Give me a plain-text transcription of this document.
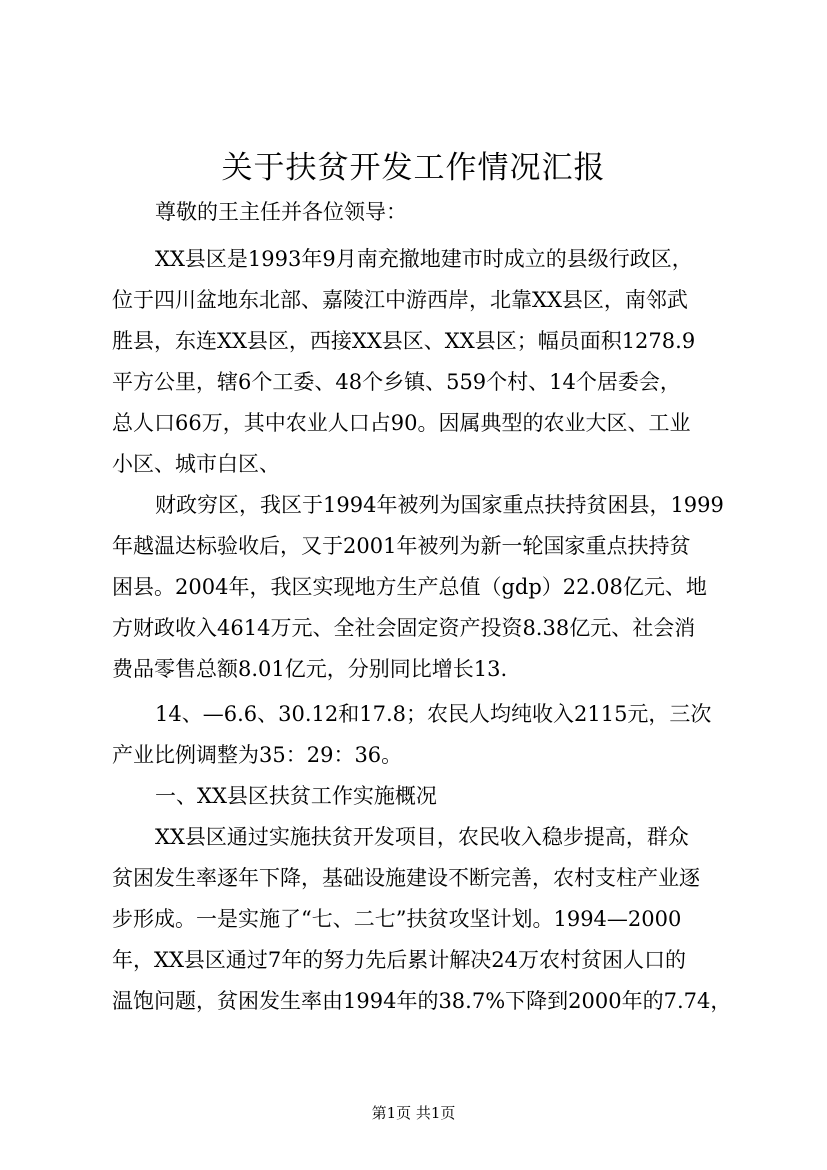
关于扶贫开发工作情况汇报

尊敬的王主任并各位领导：

XX县区是1993年9月南充撤地建市时成立的县级行政区，

位于四川盆地东北部、嘉陵江中游西岸，北靠XX县区，南邻武

胜县，东连XX县区，西接XX县区、XX县区；幅员面积1278.9

平方公里，辖6个工委、48个乡镇、559个村、14个居委会，

总人口66万，其中农业人口占90。因属典型的农业大区、工业

小区、城市白区、

财政穷区，我区于1994年被列为国家重点扶持贫困县，1999

年越温达标验收后，又于2001年被列为新一轮国家重点扶持贫

困县。2004年，我区实现地方生产总值（gdp）22.08亿元、地

方财政收入4614万元、全社会固定资产投资8.38亿元、社会消

费品零售总额8.01亿元，分别同比增长13.

14、—6.6、30.12和17.8；农民人均纯收入2115元，三次

产业比例调整为35：29：36。

一、XX县区扶贫工作实施概况

XX县区通过实施扶贫开发项目，农民收入稳步提高，群众

贫困发生率逐年下降，基础设施建设不断完善，农村支柱产业逐

步形成。一是实施了“七、二七”扶贫攻坚计划。1994—2000

年，XX县区通过7年的努力先后累计解决24万农村贫困人口的

温饱问题，贫困发生率由1994年的38.7%下降到2000年的7.74，

第1页 共1页
